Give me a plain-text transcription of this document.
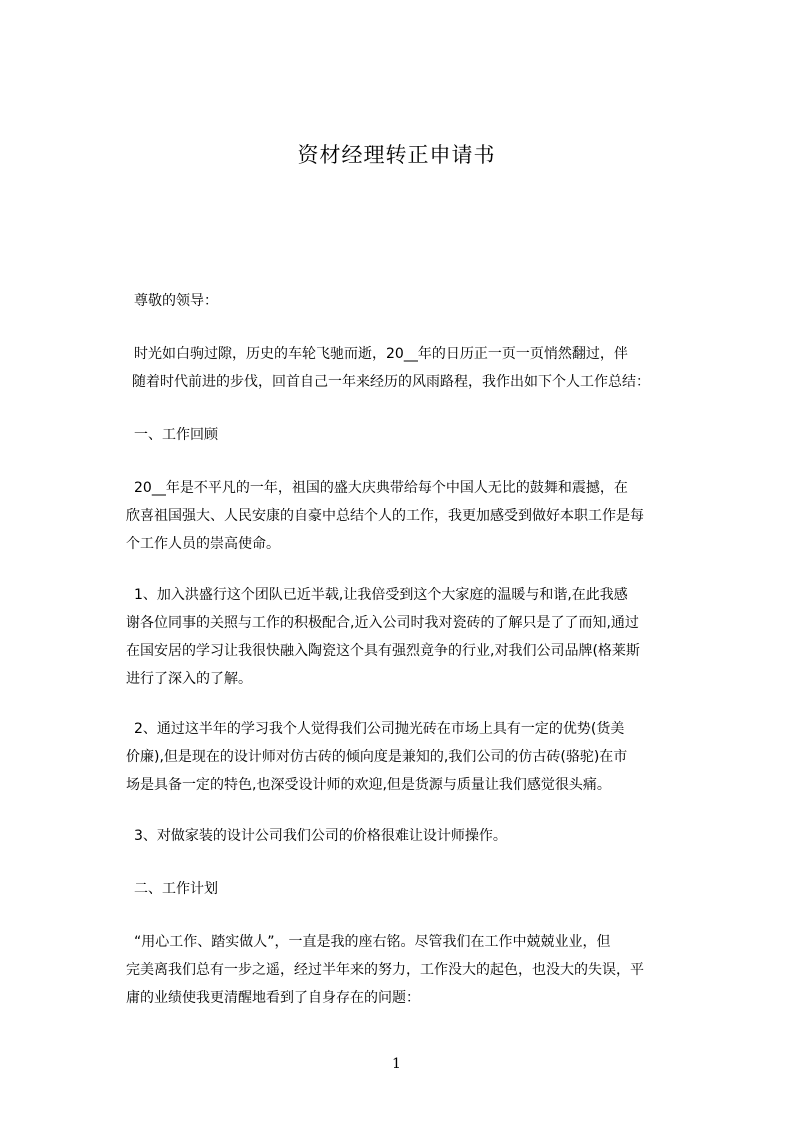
资材经理转正申请书

尊敬的领导：

时光如白驹过隙，历史的车轮飞驰而逝，20__年的日历正一页一页悄然翻过，伴
随着时代前进的步伐，回首自己一年来经历的风雨路程，我作出如下个人工作总结：

一、工作回顾

20__年是不平凡的一年，祖国的盛大庆典带给每个中国人无比的鼓舞和震撼，在
欣喜祖国强大、人民安康的自豪中总结个人的工作，我更加感受到做好本职工作是每
个工作人员的崇高使命。

1、加入洪盛行这个团队已近半载,让我倍受到这个大家庭的温暖与和谐,在此我感
谢各位同事的关照与工作的积极配合,近入公司时我对瓷砖的了解只是了了而知,通过
在国安居的学习让我很快融入陶瓷这个具有强烈竟争的行业,对我们公司品牌(格莱斯
进行了深入的了解。

2、通过这半年的学习我个人觉得我们公司抛光砖在市场上具有一定的优势(货美
价廉),但是现在的设计师对仿古砖的倾向度是兼知的,我们公司的仿古砖(骆驼)在市
场是具备一定的特色,也深受设计师的欢迎,但是货源与质量让我们感觉很头痛。

3、对做家装的设计公司我们公司的价格很难让设计师操作。

二、工作计划

“用心工作、踏实做人”，一直是我的座右铭。尽管我们在工作中兢兢业业，但
完美离我们总有一步之遥，经过半年来的努力，工作没大的起色，也没大的失误，平
庸的业绩使我更清醒地看到了自身存在的问题：

1
